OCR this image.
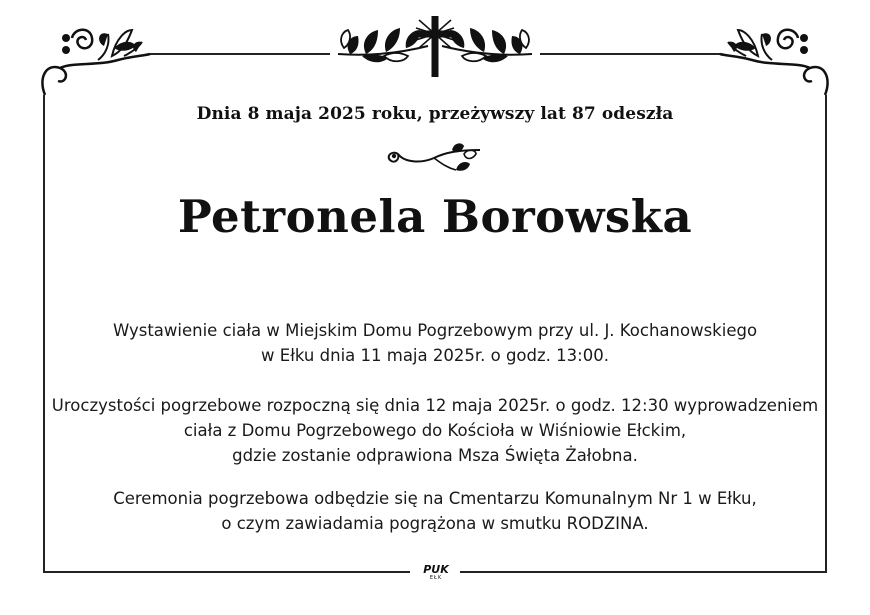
Dnia 8 maja 2025 roku, przeżywszy lat 87 odeszła
Petronela Borowska
Wystawienie ciała w Miejskim Domu Pogrzebowym przy ul. J. Kochanowskiego
w Ełku dnia 11 maja 2025r. o godz. 13:00.
Uroczystości pogrzebowe rozpoczną się dnia 12 maja 2025r. o godz. 12:30 wyprowadzeniem
ciała z Domu Pogrzebowego do Kościoła w Wiśniowie Ełckim,
gdzie zostanie odprawiona Msza Święta Żałobna.
Ceremonia pogrzebowa odbędzie się na Cmentarzu Komunalnym Nr 1 w Ełku,
o czym zawiadamia pogrążona w smutku RODZINA.
PUK
EŁK
